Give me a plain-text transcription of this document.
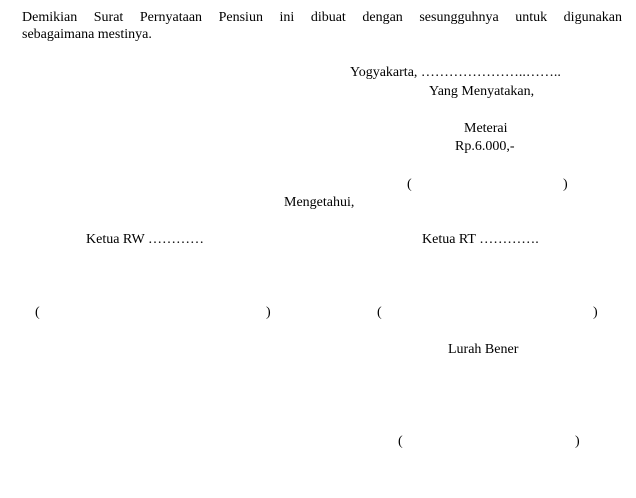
Demikian Surat Pernyataan Pensiun ini dibuat dengan sesungguhnya untuk digunakan
sebagaimana mestinya.
Yogyakarta, …………………..……..
Yang Menyatakan,
Meterai
Rp.6.000,-
(	)
Mengetahui,
Ketua RW …………	Ketua RT ………….
(	)	(	)
Lurah Bener
(	)
